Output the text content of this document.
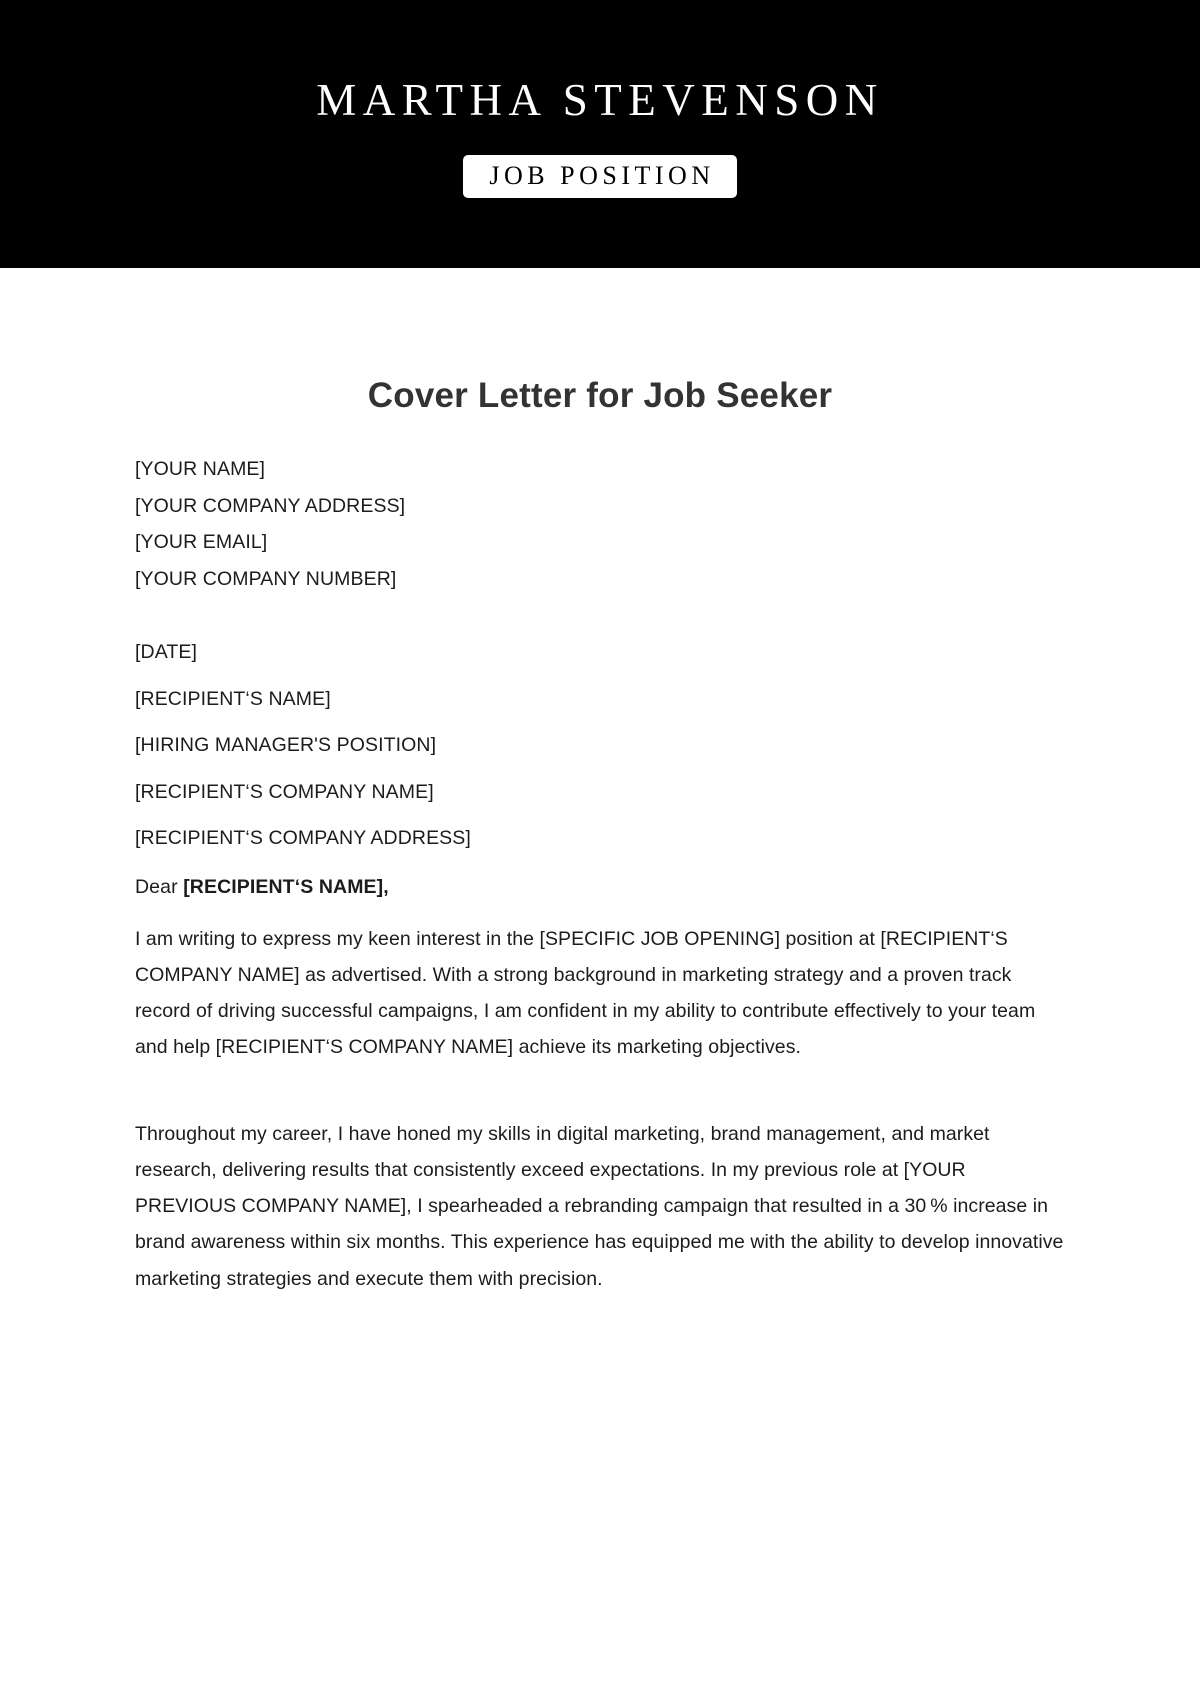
MARTHA STEVENSON
JOB POSITION
Cover Letter for Job Seeker
[YOUR NAME]
[YOUR COMPANY ADDRESS]
[YOUR EMAIL]
[YOUR COMPANY NUMBER]
[DATE]
[RECIPIENT‘S NAME]
[HIRING MANAGER'S POSITION]
[RECIPIENT‘S COMPANY NAME]
[RECIPIENT‘S COMPANY ADDRESS]

Dear [RECIPIENT‘S NAME],

I am writing to express my keen interest in the [SPECIFIC JOB OPENING] position at [RECIPIENT‘S COMPANY NAME] as advertised. With a strong background in marketing strategy and a proven track record of driving successful campaigns, I am confident in my ability to contribute effectively to your team and help [RECIPIENT‘S COMPANY NAME] achieve its marketing objectives.

Throughout my career, I have honed my skills in digital marketing, brand management, and market research, delivering results that consistently exceed expectations. In my previous role at [YOUR PREVIOUS COMPANY NAME], I spearheaded a rebranding campaign that resulted in a 30 % increase in brand awareness within six months. This experience has equipped me with the ability to develop innovative marketing strategies and execute them with precision.
